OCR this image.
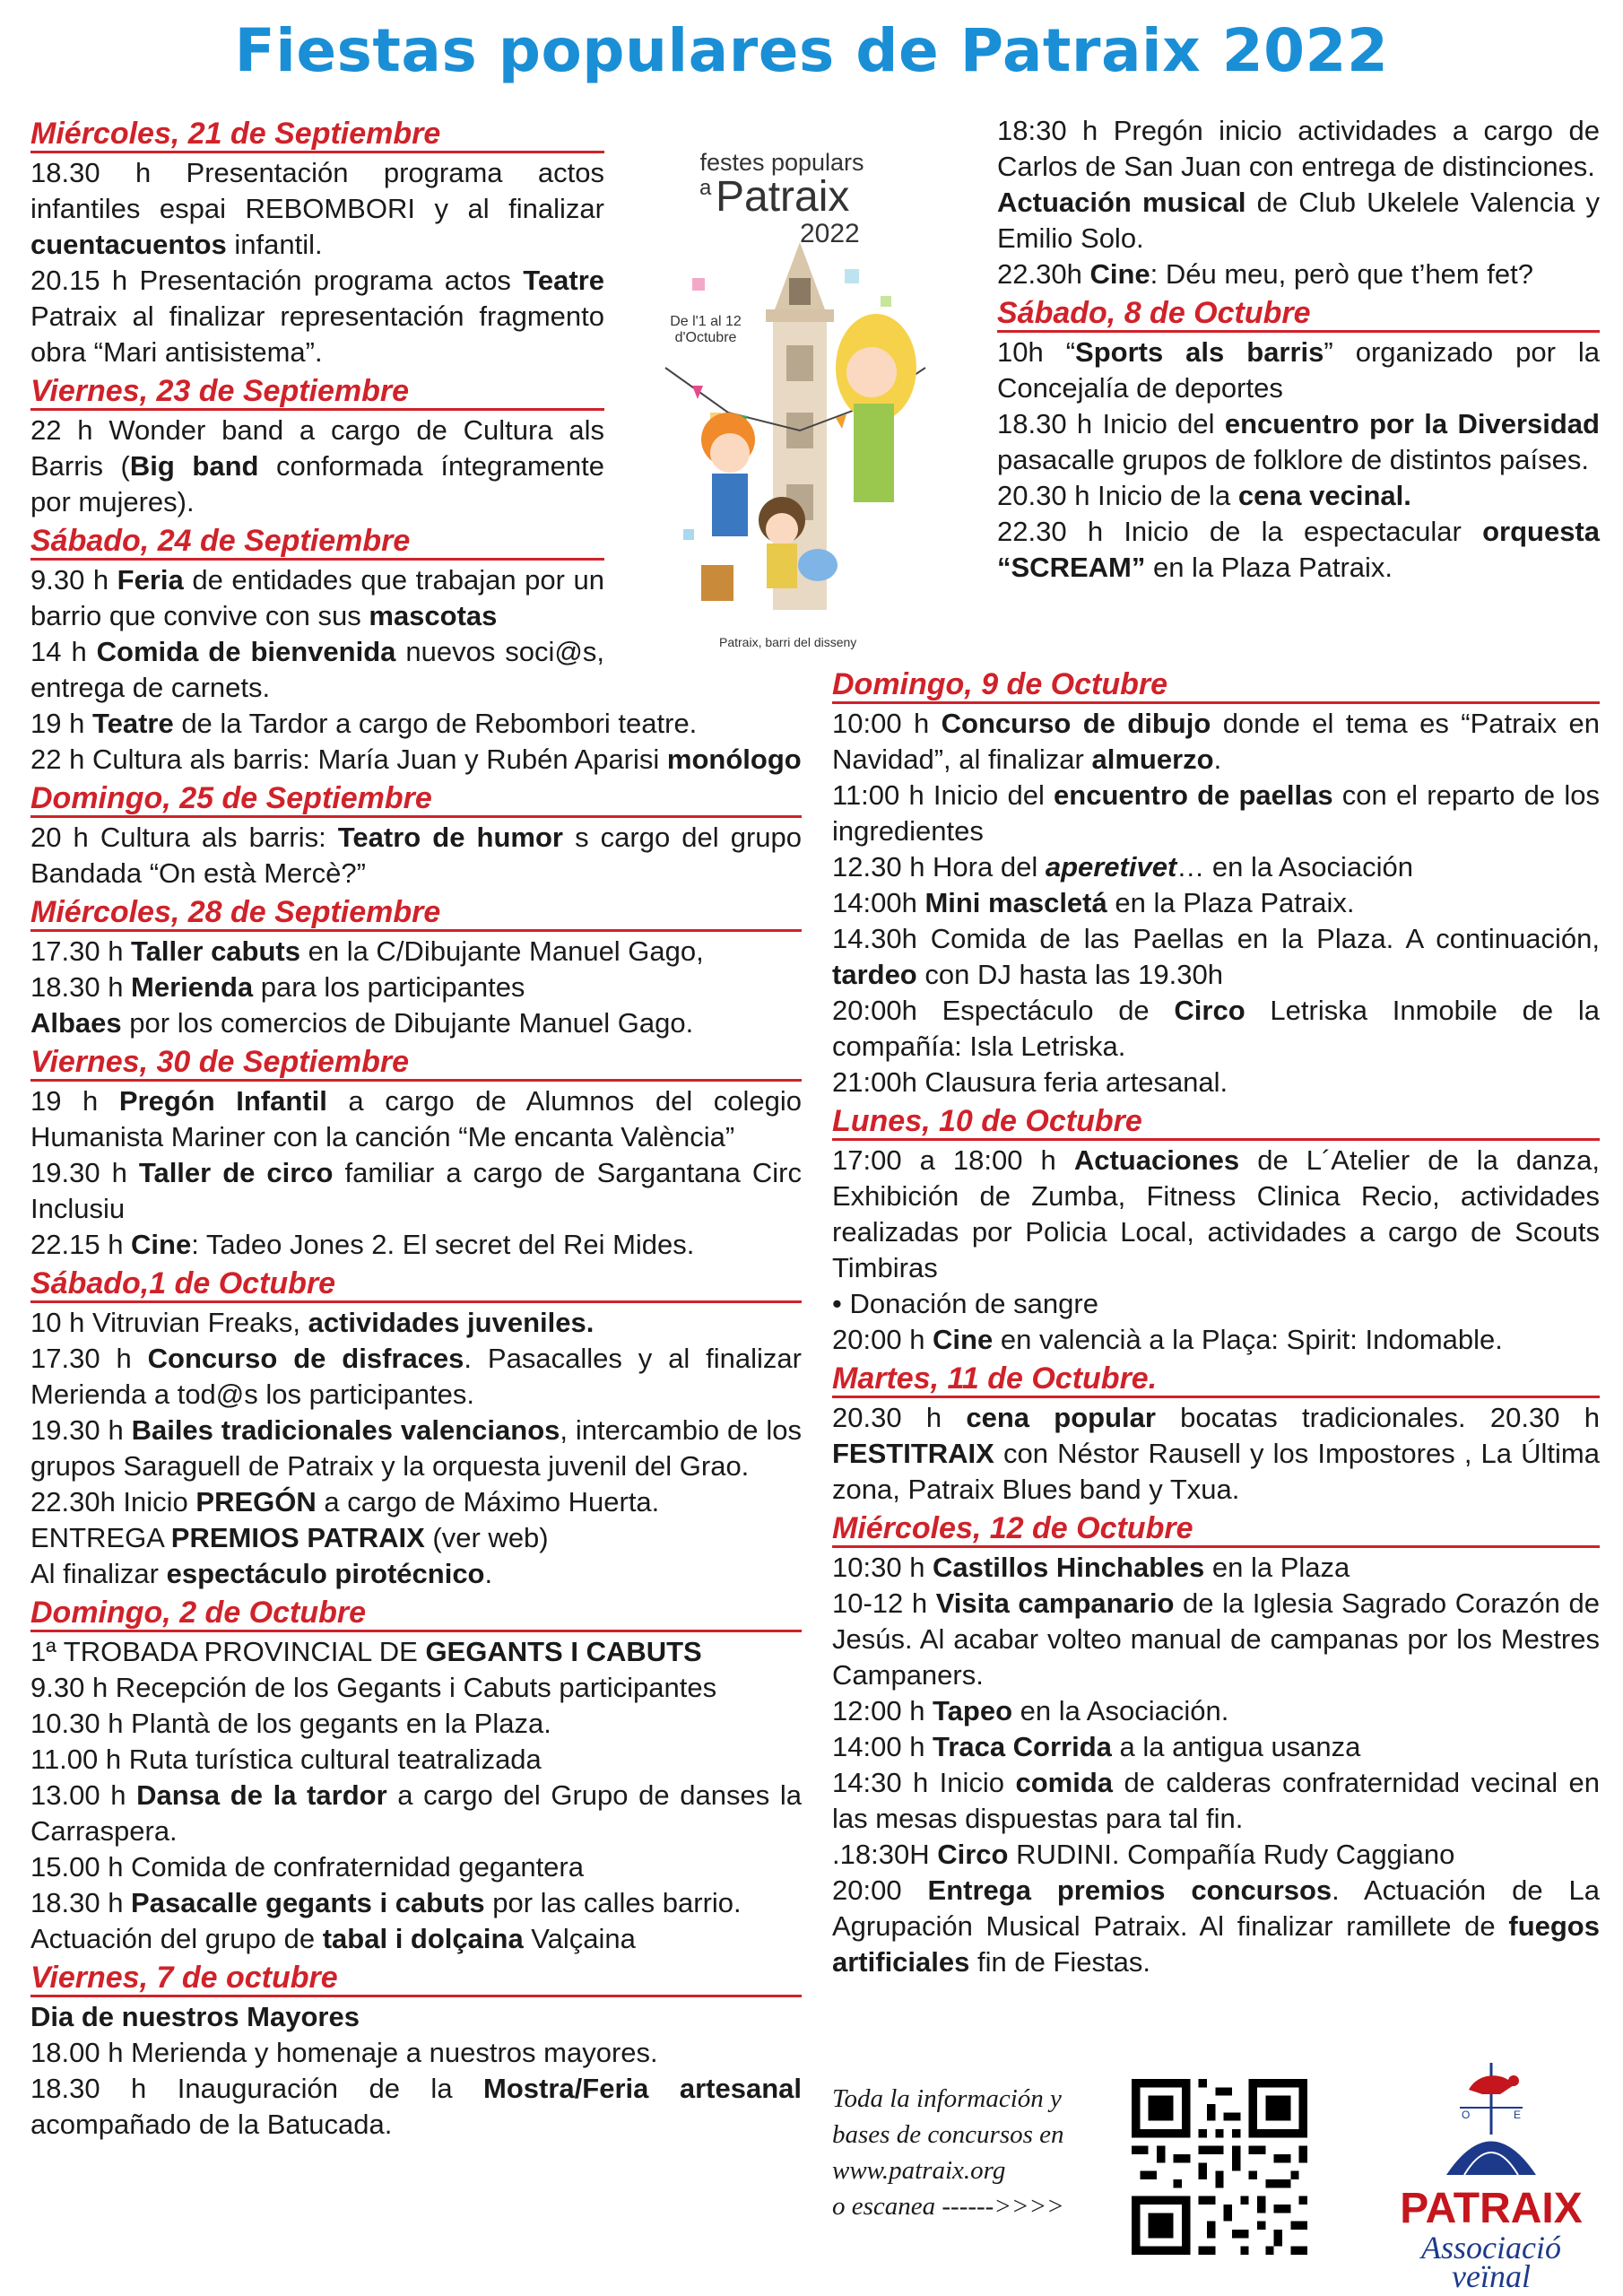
Fiestas populares de Patraix 2022
Miércoles, 21 de Septiembre

18.30 h Presentación programa actos infantiles espai REBOMBORI y al finalizar cuentacuentos infantil.

20.15 h Presentación programa actos Teatre Patraix al finalizar representación fragmento obra “Mari antisistema”.

Viernes, 23 de Septiembre

22 h Wonder band a cargo de Cultura als Barris (Big band conformada íntegramente por mujeres).

Sábado, 24 de Septiembre

9.30 h Feria de entidades que trabajan por un barrio que convive con sus mascotas

14 h Comida de bienvenida nuevos soci@s, entrega de carnets.

19 h Teatre de la Tardor a cargo de Rebombori teatre.

22 h Cultura als barris: María Juan y Rubén Aparisi monólogo

Domingo, 25 de Septiembre

20 h Cultura als barris: Teatro de humor s cargo del grupo Bandada “On està Mercè?”

Miércoles, 28 de Septiembre

17.30 h Taller cabuts en la C/Dibujante Manuel Gago,

18.30 h Merienda para los participantes

Albaes por los comercios de Dibujante Manuel Gago.

Viernes, 30 de Septiembre

19 h Pregón Infantil a cargo de Alumnos del colegio Humanista Mariner con la canción “Me encanta València”

19.30 h Taller de circo familiar a cargo de Sargantana Circ Inclusiu

22.15 h Cine: Tadeo Jones 2. El secret del Rei Mides.

Sábado,1 de Octubre

10 h Vitruvian Freaks, actividades juveniles.

17.30 h Concurso de disfraces. Pasacalles y al finalizar Merienda a tod@s los participantes.

19.30 h Bailes tradicionales valencianos, intercambio de los grupos Saraguell de Patraix y la orquesta juvenil del Grao.

22.30h Inicio PREGÓN a cargo de Máximo Huerta.

ENTREGA PREMIOS PATRAIX (ver web)

Al finalizar espectáculo pirotécnico.

Domingo, 2 de Octubre

1ª TROBADA PROVINCIAL DE GEGANTS I CABUTS

9.30 h Recepción de los Gegants i Cabuts participantes

10.30 h Plantà de los gegants en la Plaza.

11.00 h Ruta turística cultural teatralizada

13.00 h Dansa de la tardor a cargo del Grupo de danses la Carraspera.

15.00 h Comida de confraternidad gegantera

18.30 h Pasacalle gegants i cabuts por las calles barrio.

Actuación del grupo de tabal i dolçaina Valçaina

Viernes, 7 de octubre

Dia de nuestros Mayores

18.00 h Merienda y homenaje a nuestros mayores.

18.30 h Inauguración de la Mostra/Feria artesanal acompañado de la Batucada.

festes populars
a Patraix
2022
De l'1 al 12 d'Octubre
Patraix, barri del disseny

18:30 h Pregón inicio actividades a cargo de Carlos de San Juan con entrega de distinciones.

Actuación musical de Club Ukelele Valencia y Emilio Solo.

22.30h Cine: Déu meu, però que t’hem fet?

Sábado, 8 de Octubre

10h “Sports als barris” organizado por la Concejalía de deportes

18.30 h Inicio del encuentro por la Diversidad pasacalle grupos de folklore de distintos países.

20.30 h Inicio de la cena vecinal.

22.30 h Inicio de la espectacular orquesta “SCREAM” en la Plaza Patraix.

Domingo, 9 de Octubre

10:00 h Concurso de dibujo donde el tema es “Patraix en Navidad”, al finalizar almuerzo.

11:00 h Inicio del encuentro de paellas con el reparto de los ingredientes

12.30 h Hora del aperetivet… en la Asociación

14:00h Mini mascletá en la Plaza Patraix.

14.30h Comida de las Paellas en la Plaza. A continuación, tardeo con DJ hasta las 19.30h

20:00h Espectáculo de Circo Letriska Inmobile de la compañía: Isla Letriska.

21:00h Clausura feria artesanal.

Lunes, 10 de Octubre

17:00 a 18:00 h Actuaciones de L´Atelier de la danza, Exhibición de Zumba, Fitness Clinica Recio, actividades realizadas por Policia Local, actividades a cargo de Scouts Timbiras

• Donación de sangre

20:00 h Cine en valencià a la Plaça: Spirit: Indomable.

Martes, 11 de Octubre.

20.30 h cena popular bocatas tradicionales. 20.30 h FESTITRAIX con Néstor Rausell y los Impostores , La Última zona, Patraix Blues band y Txua.

Miércoles, 12 de Octubre

10:30 h Castillos Hinchables en la Plaza

10-12 h Visita campanario de la Iglesia Sagrado Corazón de Jesús. Al acabar volteo manual de campanas por los Mestres Campaners.

12:00 h Tapeo en la Asociación.

14:00 h Traca Corrida a la antigua usanza

14:30 h Inicio comida de calderas confraternidad vecinal en las mesas dispuestas para tal fin.

.18:30H Circo RUDINI. Compañía Rudy Caggiano

20:00 Entrega premios concursos. Actuación de La Agrupación Musical Patraix. Al finalizar ramillete de fuegos artificiales fin de Fiestas.

Toda la información y
bases de concursos en
www.patraix.org
o escanea ------>>>>
O	E
PATRAIX
Associació
veïnal
